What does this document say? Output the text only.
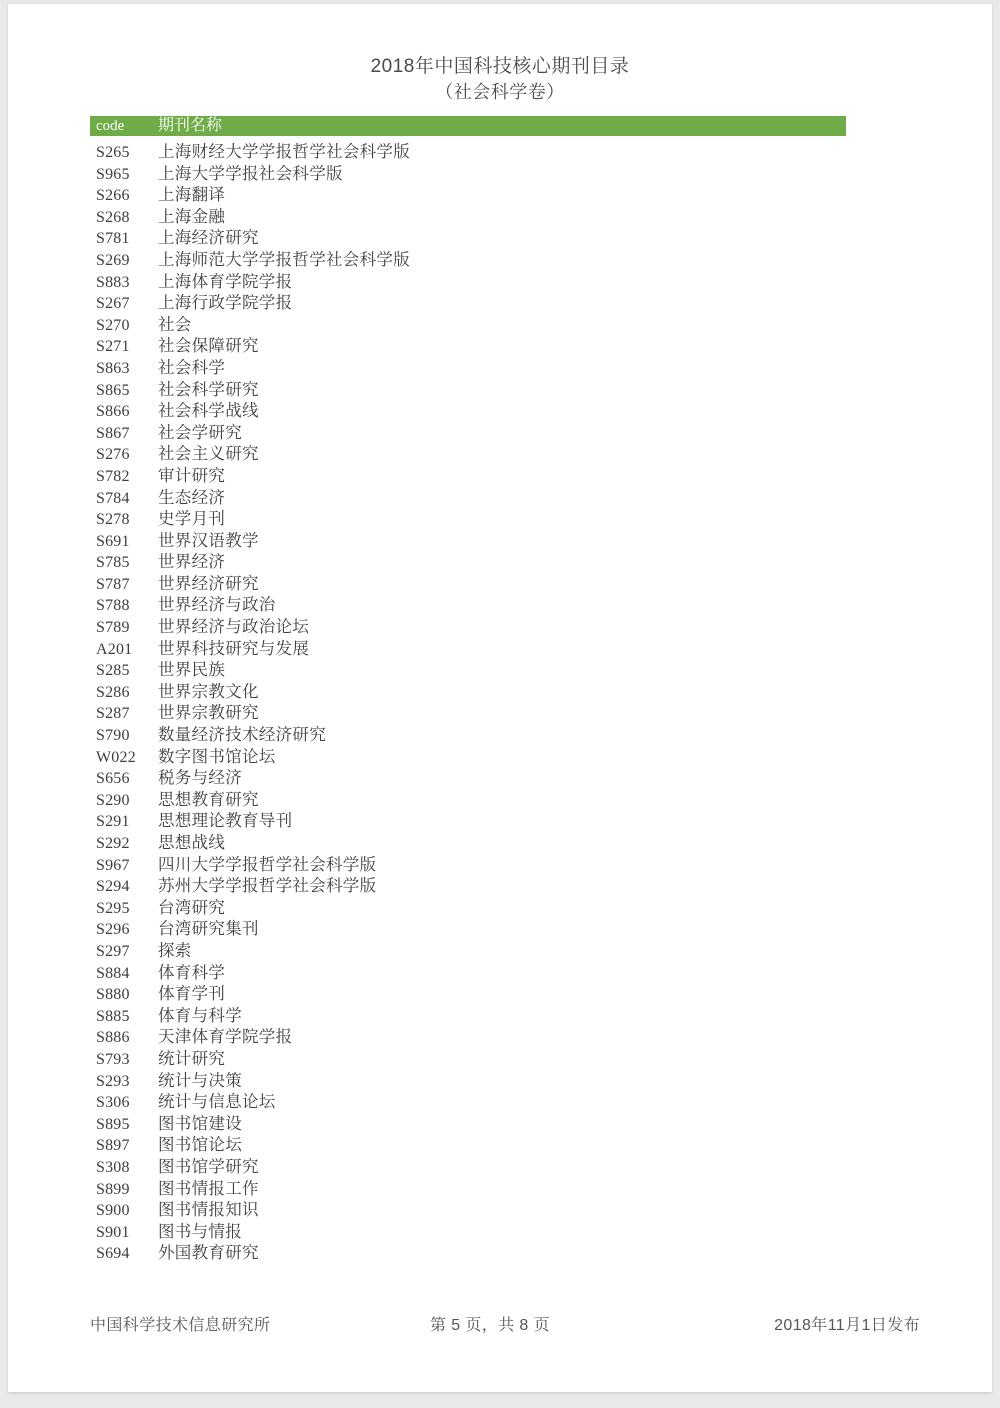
2018年中国科技核心期刊目录
（社会科学卷）
code	期刊名称
S265	上海财经大学学报哲学社会科学版
S965	上海大学学报社会科学版
S266	上海翻译
S268	上海金融
S781	上海经济研究
S269	上海师范大学学报哲学社会科学版
S883	上海体育学院学报
S267	上海行政学院学报
S270	社会
S271	社会保障研究
S863	社会科学
S865	社会科学研究
S866	社会科学战线
S867	社会学研究
S276	社会主义研究
S782	审计研究
S784	生态经济
S278	史学月刊
S691	世界汉语教学
S785	世界经济
S787	世界经济研究
S788	世界经济与政治
S789	世界经济与政治论坛
A201	世界科技研究与发展
S285	世界民族
S286	世界宗教文化
S287	世界宗教研究
S790	数量经济技术经济研究
W022	数字图书馆论坛
S656	税务与经济
S290	思想教育研究
S291	思想理论教育导刊
S292	思想战线
S967	四川大学学报哲学社会科学版
S294	苏州大学学报哲学社会科学版
S295	台湾研究
S296	台湾研究集刊
S297	探索
S884	体育科学
S880	体育学刊
S885	体育与科学
S886	天津体育学院学报
S793	统计研究
S293	统计与决策
S306	统计与信息论坛
S895	图书馆建设
S897	图书馆论坛
S308	图书馆学研究
S899	图书情报工作
S900	图书情报知识
S901	图书与情报
S694	外国教育研究
中国科学技术信息研究所	第 5 页，共 8 页	2018年11月1日发布
